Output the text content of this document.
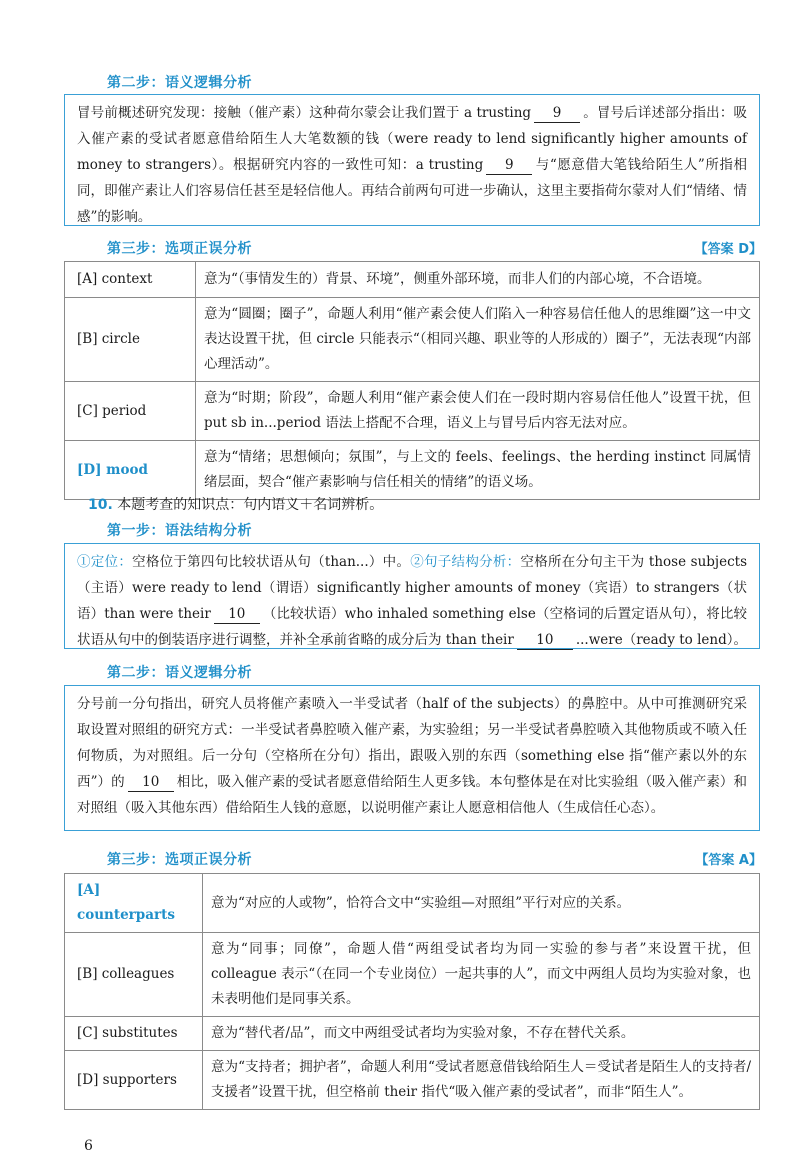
第二步：语义逻辑分析
冒号前概述研究发现：接触（催产素）这种荷尔蒙会让我们置于 a trusting 9 。冒号后详述部分指出：吸入催产素的受试者愿意借给陌生人大笔数额的钱（were ready to lend significantly higher amounts of money to strangers）。根据研究内容的一致性可知：a trusting 9 与“愿意借大笔钱给陌生人”所指相同，即催产素让人们容易信任甚至是轻信他人。再结合前两句可进一步确认，这里主要指荷尔蒙对人们“情绪、情感”的影响。
第三步：选项正误分析	【答案 D】
[A] context	意为“（事情发生的）背景、环境”，侧重外部环境，而非人们的内部心境，不合语境。
[B] circle	意为“圆圈；圈子”，命题人利用“催产素会使人们陷入一种容易信任他人的思维圈”这一中文表达设置干扰，但 circle 只能表示“（相同兴趣、职业等的人形成的）圈子”，无法表现“内部心理活动”。
[C] period	意为“时期；阶段”，命题人利用“催产素会使人们在一段时期内容易信任他人”设置干扰，但 put sb in...period 语法上搭配不合理，语义上与冒号后内容无法对应。
[D] mood	意为“情绪；思想倾向；氛围”，与上文的 feels、feelings、the herding instinct 同属情绪层面，契合“催产素影响与信任相关的情绪”的语义场。
10. 本题考查的知识点：句内语义＋名词辨析。
第一步：语法结构分析
①定位：空格位于第四句比较状语从句（than...）中。②句子结构分析：空格所在分句主干为 those subjects（主语）were ready to lend（谓语）significantly higher amounts of money（宾语）to strangers（状语）than were their 10 （比较状语）who inhaled something else（空格词的后置定语从句），将比较状语从句中的倒装语序进行调整，并补全承前省略的成分后为 than their 10 ...were（ready to lend）。
第二步：语义逻辑分析
分号前一分句指出，研究人员将催产素喷入一半受试者（half of the subjects）的鼻腔中。从中可推测研究采取设置对照组的研究方式：一半受试者鼻腔喷入催产素，为实验组；另一半受试者鼻腔喷入其他物质或不喷入任何物质，为对照组。后一分句（空格所在分句）指出，跟吸入别的东西（something else 指“催产素以外的东西”）的 10 相比，吸入催产素的受试者愿意借给陌生人更多钱。本句整体是在对比实验组（吸入催产素）和对照组（吸入其他东西）借给陌生人钱的意愿，以说明催产素让人愿意相信他人（生成信任心态）。
第三步：选项正误分析	【答案 A】
[A] counterparts	意为“对应的人或物”，恰符合文中“实验组—对照组”平行对应的关系。
[B] colleagues	意为“同事；同僚”，命题人借“两组受试者均为同一实验的参与者”来设置干扰，但 colleague 表示“（在同一个专业岗位）一起共事的人”，而文中两组人员均为实验对象，也未表明他们是同事关系。
[C] substitutes	意为“替代者/品”，而文中两组受试者均为实验对象，不存在替代关系。
[D] supporters	意为“支持者；拥护者”，命题人利用“受试者愿意借钱给陌生人＝受试者是陌生人的支持者/支援者”设置干扰，但空格前 their 指代“吸入催产素的受试者”，而非“陌生人”。
6
